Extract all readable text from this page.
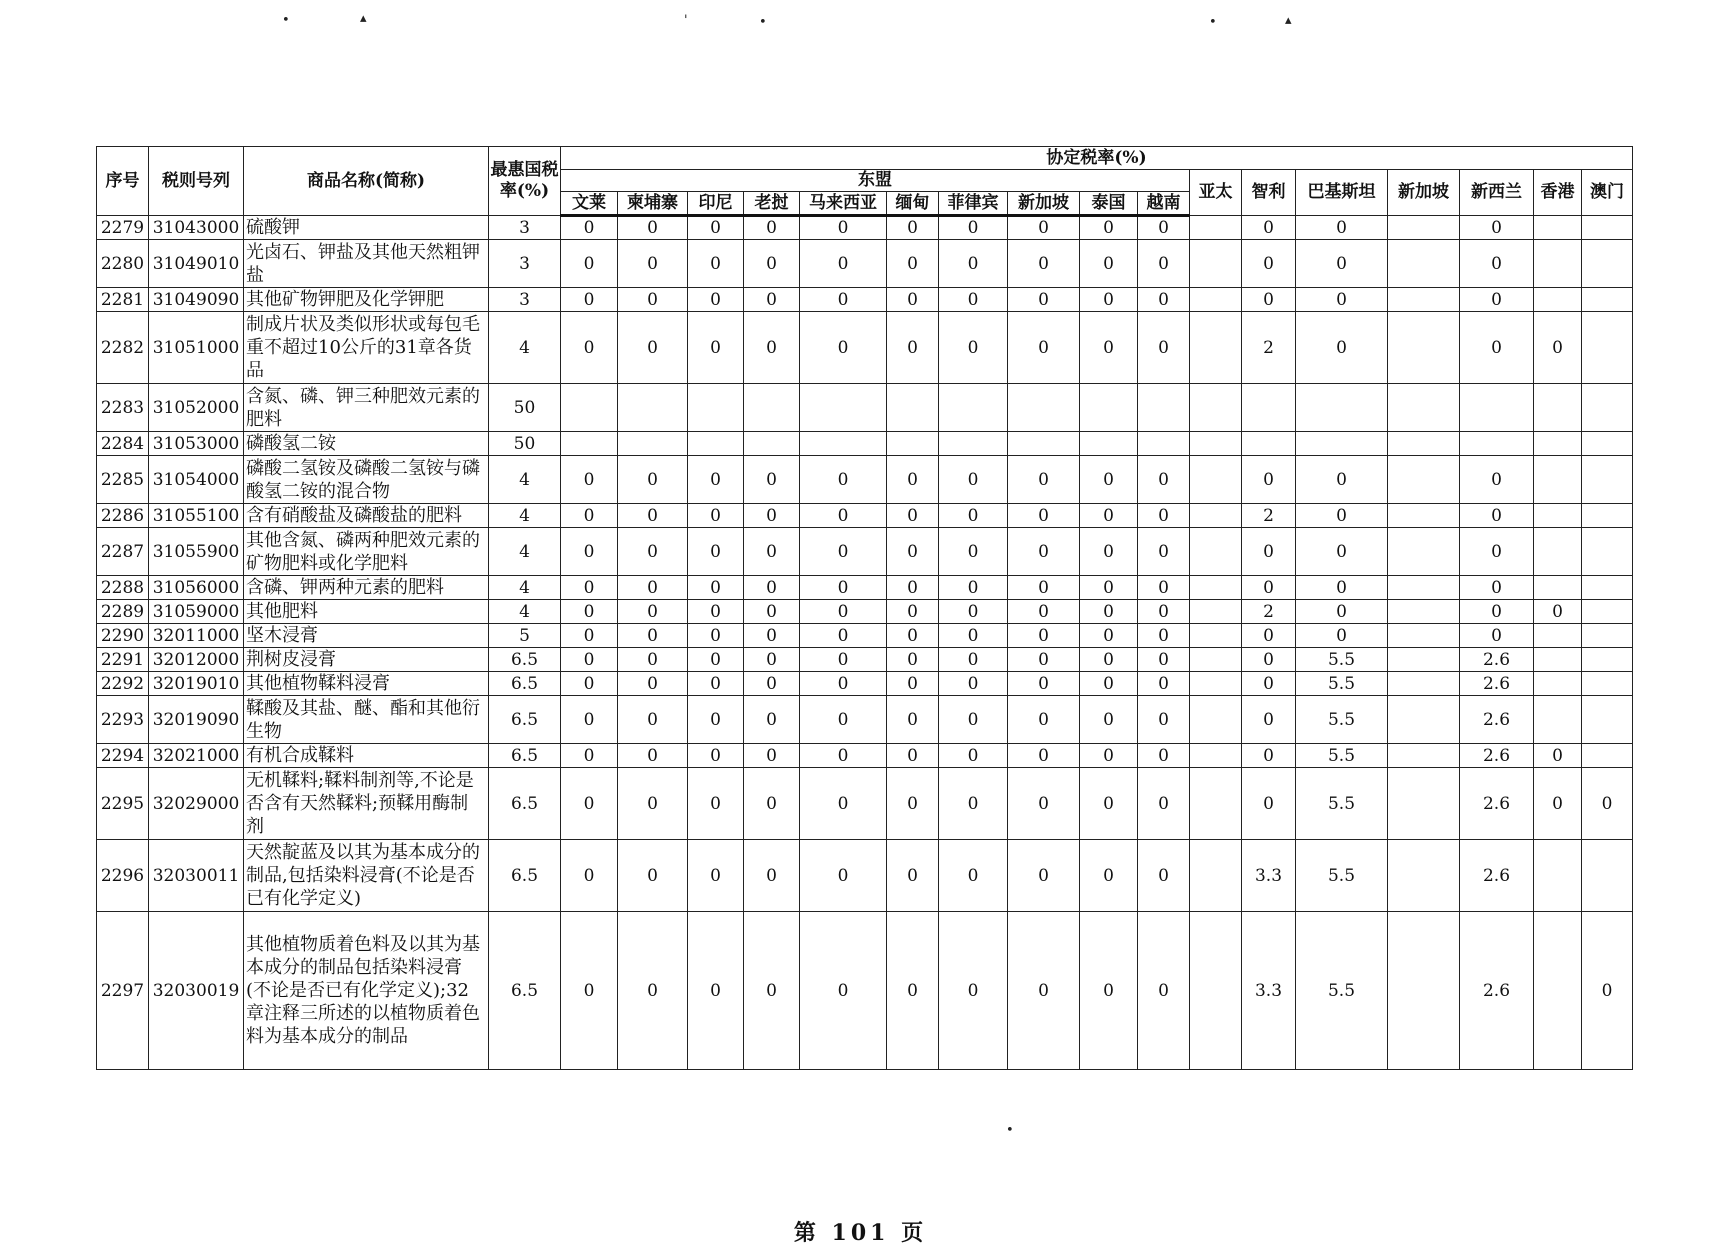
•	▴	'	•	•	▴
•
序号	税则号列	商品名称(简称)	最惠国税率(%)	协定税率(%)																
				东盟										亚太	智利	巴基斯坦	新加坡	新西兰	香港	澳门
				文莱	柬埔寨	印尼	老挝	马来西亚	缅甸	菲律宾	新加坡	泰国	越南							
2279	31043000	硫酸钾	3	0	0	0	0	0	0	0	0	0	0		0	0		0		
2280	31049010	光卤石、钾盐及其他天然粗钾盐	3	0	0	0	0	0	0	0	0	0	0		0	0		0		
2281	31049090	其他矿物钾肥及化学钾肥	3	0	0	0	0	0	0	0	0	0	0		0	0		0		
2282	31051000	制成片状及类似形状或每包毛重不超过10公斤的31章各货品	4	0	0	0	0	0	0	0	0	0	0		2	0		0	0	
2283	31052000	含氮、磷、钾三种肥效元素的肥料	50																	
2284	31053000	磷酸氢二铵	50																	
2285	31054000	磷酸二氢铵及磷酸二氢铵与磷酸氢二铵的混合物	4	0	0	0	0	0	0	0	0	0	0		0	0		0		
2286	31055100	含有硝酸盐及磷酸盐的肥料	4	0	0	0	0	0	0	0	0	0	0		2	0		0		
2287	31055900	其他含氮、磷两种肥效元素的矿物肥料或化学肥料	4	0	0	0	0	0	0	0	0	0	0		0	0		0		
2288	31056000	含磷、钾两种元素的肥料	4	0	0	0	0	0	0	0	0	0	0		0	0		0		
2289	31059000	其他肥料	4	0	0	0	0	0	0	0	0	0	0		2	0		0	0	
2290	32011000	坚木浸膏	5	0	0	0	0	0	0	0	0	0	0		0	0		0		
2291	32012000	荆树皮浸膏	6.5	0	0	0	0	0	0	0	0	0	0		0	5.5		2.6		
2292	32019010	其他植物鞣料浸膏	6.5	0	0	0	0	0	0	0	0	0	0		0	5.5		2.6		
2293	32019090	鞣酸及其盐、醚、酯和其他衍生物	6.5	0	0	0	0	0	0	0	0	0	0		0	5.5		2.6		
2294	32021000	有机合成鞣料	6.5	0	0	0	0	0	0	0	0	0	0		0	5.5		2.6	0	
2295	32029000	无机鞣料;鞣料制剂等,不论是否含有天然鞣料;预鞣用酶制剂	6.5	0	0	0	0	0	0	0	0	0	0		0	5.5		2.6	0	0
2296	32030011	天然靛蓝及以其为基本成分的制品,包括染料浸膏(不论是否已有化学定义)	6.5	0	0	0	0	0	0	0	0	0	0		3.3	5.5		2.6		
2297	32030019	其他植物质着色料及以其为基本成分的制品包括染料浸膏(不论是否已有化学定义);32章注释三所述的以植物质着色料为基本成分的制品	6.5	0	0	0	0	0	0	0	0	0	0		3.3	5.5		2.6		0
第 101 页
